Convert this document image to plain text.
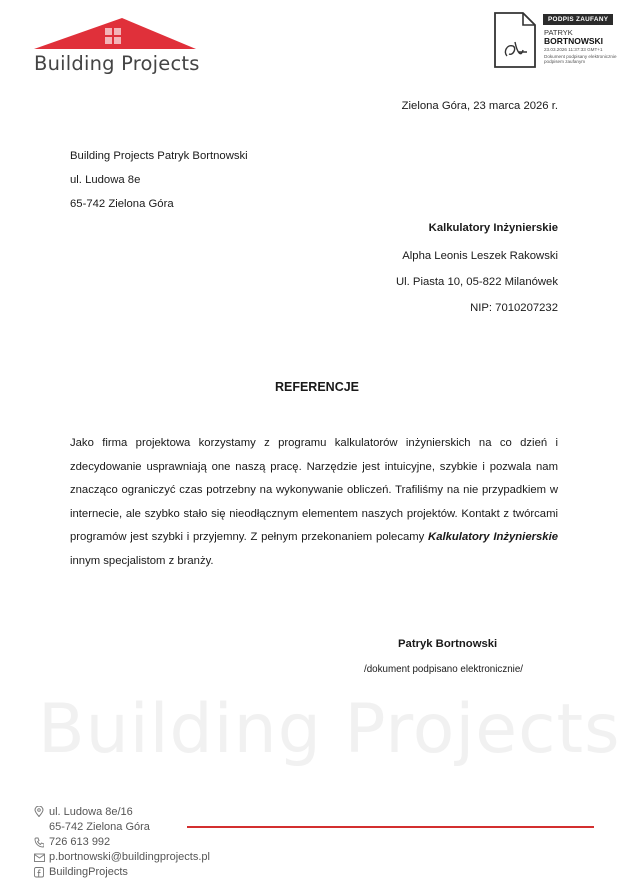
Building Projects
PODPIS ZAUFANY
PATRYK
BORTNOWSKI
23.03.2026 11:37:33 GMT+1
Dokument podpisany elektronicznie podpisem zaufanym
Zielona Góra, 23 marca 2026 r.
Building Projects Patryk Bortnowski
ul. Ludowa 8e
65-742 Zielona Góra
Kalkulatory Inżynierskie
Alpha Leonis Leszek Rakowski
Ul. Piasta 10, 05-822 Milanówek
NIP: 7010207232
REFERENCJE
Jako firma projektowa korzystamy z programu kalkulatorów inżynierskich na co dzień i zdecydowanie usprawniają one naszą pracę. Narzędzie jest intuicyjne, szybkie i pozwala nam znacząco ograniczyć czas potrzebny na wykonywanie obliczeń. Trafiliśmy na nie przypadkiem w internecie, ale szybko stało się nieodłącznym elementem naszych projektów. Kontakt z twórcami programów jest szybki i przyjemny. Z pełnym przekonaniem polecamy Kalkulatory Inżynierskie innym specjalistom z branży.
Patryk Bortnowski
/dokument podpisano elektronicznie/
Building Projects
ul. Ludowa 8e/16
65-742 Zielona Góra
726 613 992
p.bortnowski@buildingprojects.pl
BuildingProjects
